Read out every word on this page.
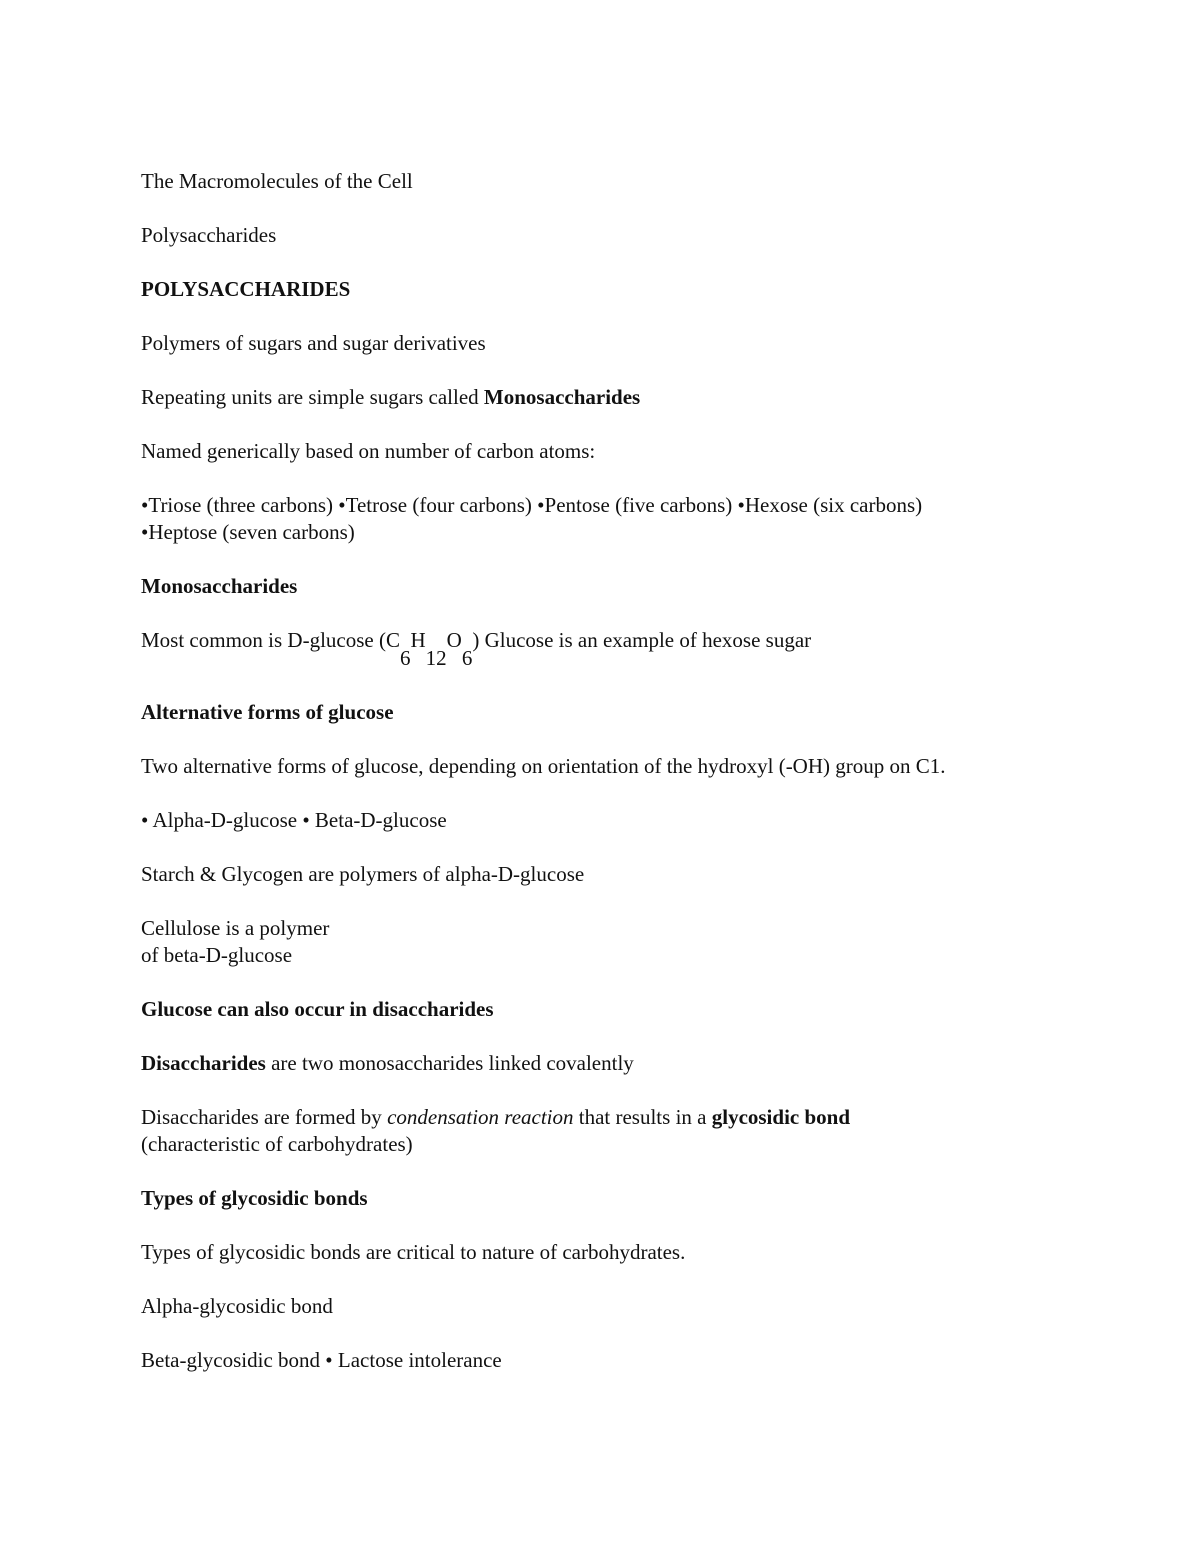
The Macromolecules of the Cell

Polysaccharides

POLYSACCHARIDES

Polymers of sugars and sugar derivatives

Repeating units are simple sugars called Monosaccharides

Named generically based on number of carbon atoms:

•Triose (three carbons) •Tetrose (four carbons) •Pentose (five carbons) •Hexose (six carbons)
•Heptose (seven carbons)

Monosaccharides

Most common is D-glucose (C6H12O6) Glucose is an example of hexose sugar

Alternative forms of glucose

Two alternative forms of glucose, depending on orientation of the hydroxyl (-OH) group on C1.

• Alpha-D-glucose • Beta-D-glucose

Starch & Glycogen are polymers of alpha-D-glucose

Cellulose is a polymer
of beta-D-glucose

Glucose can also occur in disaccharides

Disaccharides are two monosaccharides linked covalently

Disaccharides are formed by condensation reaction that results in a glycosidic bond
(characteristic of carbohydrates)

Types of glycosidic bonds

Types of glycosidic bonds are critical to nature of carbohydrates.

Alpha-glycosidic bond

Beta-glycosidic bond • Lactose intolerance
